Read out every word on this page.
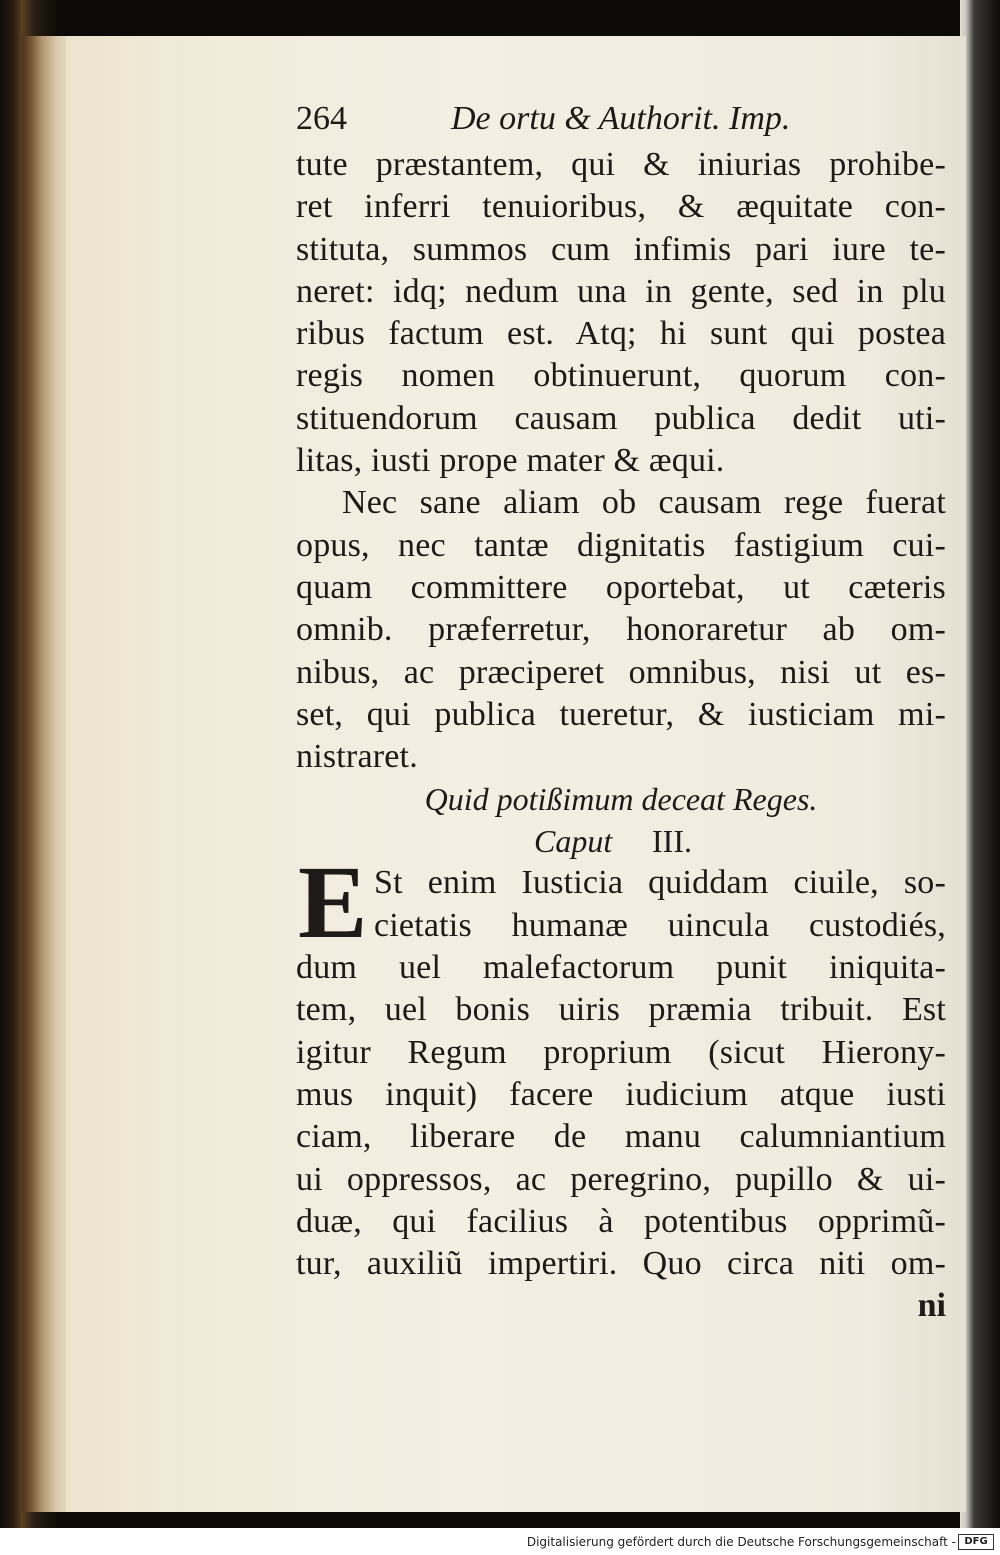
264	De ortu & Authorit. Imp.
tute præstantem, qui & iniurias prohibe-
ret inferri tenuioribus, & æquitate con-
stituta, summos cum infimis pari iure te-
neret: idq; nedum una in gente, sed in plu
ribus factum est. Atq; hi sunt qui postea
regis nomen obtinuerunt, quorum con-
stituendorum causam publica dedit uti-
litas, iusti prope mater & æqui.
Nec sane aliam ob causam rege fuerat
opus, nec tantæ dignitatis fastigium cui-
quam committere oportebat, ut cæteris
omnib. præferretur, honoraretur ab om-
nibus, ac præciperet omnibus, nisi ut es-
set, qui publica tueretur, & iusticiam mi-
nistraret.
Quid potißimum deceat Reges.
Caput III.
E St enim Iusticia quiddam ciuile, so-
cietatis humanæ uincula custodiés,
dum uel malefactorum punit iniquita-
tem, uel bonis uiris præmia tribuit. Est
igitur Regum proprium (sicut Hierony-
mus inquit) facere iudicium atque iusti
ciam, liberare de manu calumniantium
ui oppressos, ac peregrino, pupillo & ui-
duæ, qui facilius à potentibus opprimũ-
tur, auxiliũ impertiri. Quo circa niti om-
ni
Digitalisierung gefördert durch die Deutsche Forschungsgemeinschaft - DFG
